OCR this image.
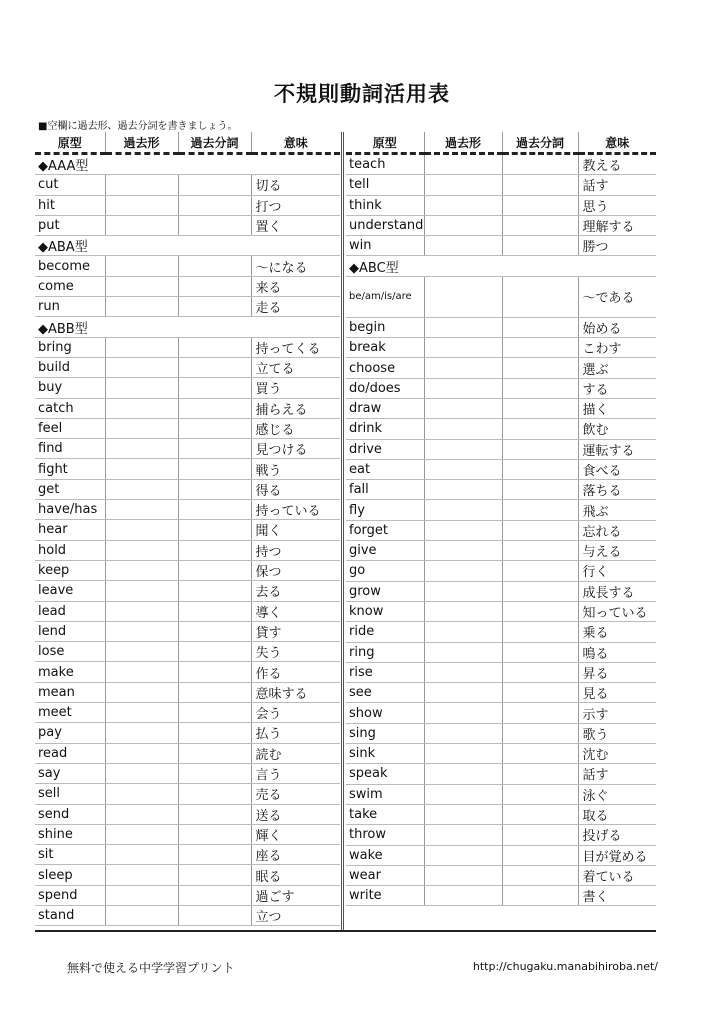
不規則動詞活用表
■空欄に過去形、過去分詞を書きましょう。
原型	過去形	過去分詞	意味
◆AAA型			
cut			切る
hit			打つ
put			置く
◆ABA型			
become			～になる
come			来る
run			走る
◆ABB型			
bring			持ってくる
build			立てる
buy			買う
catch			捕らえる
feel			感じる
find			見つける
fight			戦う
get			得る
have/has			持っている
hear			聞く
hold			持つ
keep			保つ
leave			去る
lead			導く
lend			貸す
lose			失う
make			作る
mean			意味する
meet			会う
pay			払う
read			読む
say			言う
sell			売る
send			送る
shine			輝く
sit			座る
sleep			眠る
spend			過ごす
stand			立つ
原型	過去形	過去分詞	意味
teach			教える
tell			話す
think			思う
understand			理解する
win			勝つ
◆ABC型			
be/am/is/are			～である
begin			始める
break			こわす
choose			選ぶ
do/does			する
draw			描く
drink			飲む
drive			運転する
eat			食べる
fall			落ちる
fly			飛ぶ
forget			忘れる
give			与える
go			行く
grow			成長する
know			知っている
ride			乗る
ring			鳴る
rise			昇る
see			見る
show			示す
sing			歌う
sink			沈む
speak			話す
swim			泳ぐ
take			取る
throw			投げる
wake			目が覚める
wear			着ている
write			書く

無料で使える中学学習プリント	http://chugaku.manabihiroba.net/
